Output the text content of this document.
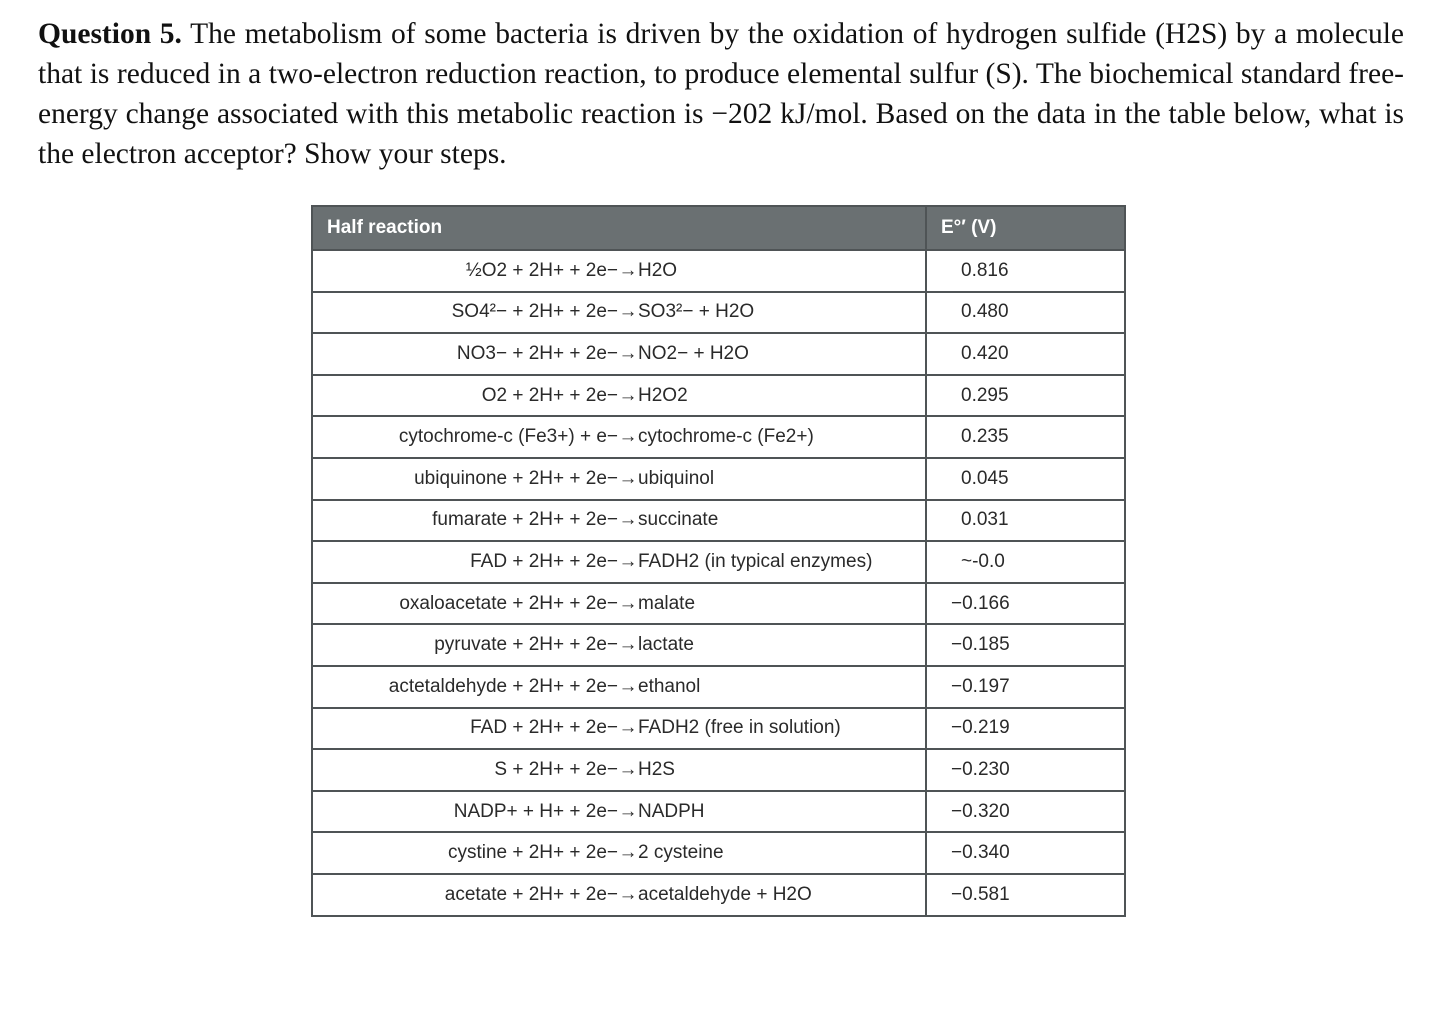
Question 5. The metabolism of some bacteria is driven by the oxidation of hydrogen sulfide (H2S) by a molecule that is reduced in a two-electron reduction reaction, to produce elemental sulfur (S). The biochemical standard free-energy change associated with this metabolic reaction is −202 kJ/mol. Based on the data in the table below, what is the electron acceptor? Show your steps.
Half reaction	E°′ (V)
½O2 + 2H+ + 2e−→H2O	0.816
SO4²− + 2H+ + 2e−→SO3²− + H2O	0.480
NO3− + 2H+ + 2e−→NO2− + H2O	0.420
O2 + 2H+ + 2e−→H2O2	0.295
cytochrome-c (Fe3+) + e−→cytochrome-c (Fe2+)	0.235
ubiquinone + 2H+ + 2e−→ubiquinol	0.045
fumarate + 2H+ + 2e−→succinate	0.031
FAD + 2H+ + 2e−→FADH2 (in typical enzymes)	~-0.0
oxaloacetate + 2H+ + 2e−→malate	−0.166
pyruvate + 2H+ + 2e−→lactate	−0.185
actetaldehyde + 2H+ + 2e−→ethanol	−0.197
FAD + 2H+ + 2e−→FADH2 (free in solution)	−0.219
S + 2H+ + 2e−→H2S	−0.230
NADP+ + H+ + 2e−→NADPH	−0.320
cystine + 2H+ + 2e−→2 cysteine	−0.340
acetate + 2H+ + 2e−→acetaldehyde + H2O	−0.581
